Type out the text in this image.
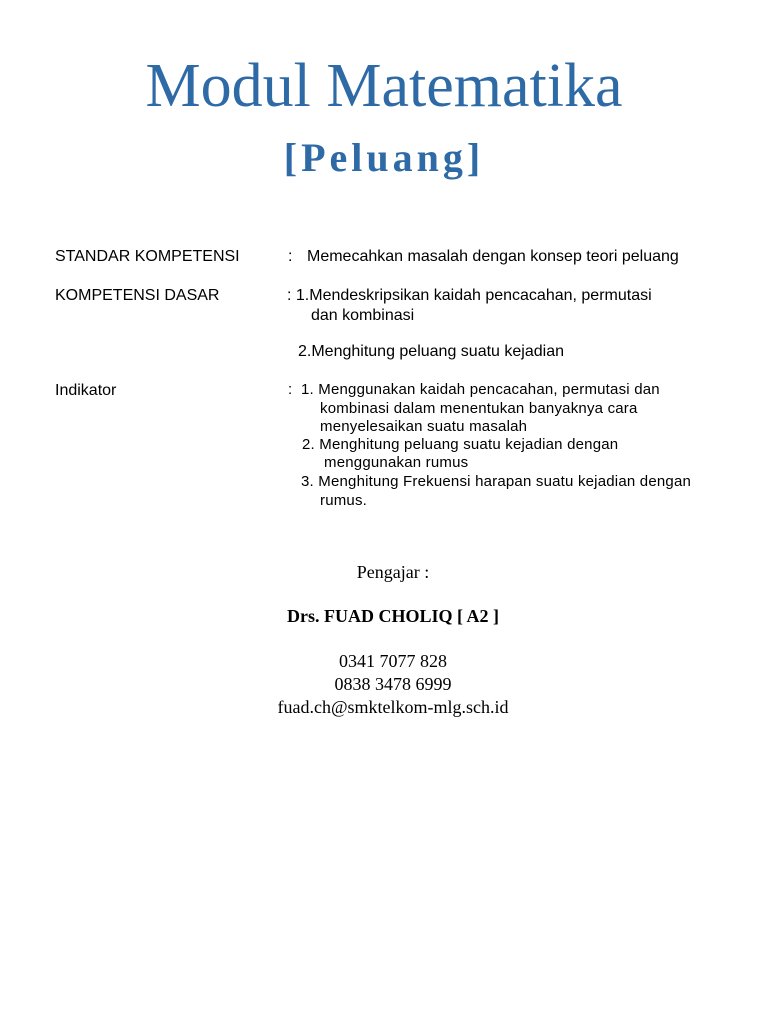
Modul Matematika
[Peluang]
STANDAR KOMPETENSI	: Memecahkan masalah dengan konsep teori peluang
KOMPETENSI DASAR	: 1.Mendeskripsikan kaidah pencacahan, permutasi
dan kombinasi
2.Menghitung peluang suatu kejadian
Indikator	: 1. Menggunakan kaidah pencacahan, permutasi dan
kombinasi dalam menentukan banyaknya cara
menyelesaikan suatu masalah
2. Menghitung peluang suatu kejadian dengan
menggunakan rumus
3. Menghitung Frekuensi harapan suatu kejadian dengan
rumus.
Pengajar :
Drs. FUAD CHOLIQ [ A2 ]
0341 7077 828
0838 3478 6999
fuad.ch@smktelkom-mlg.sch.id
